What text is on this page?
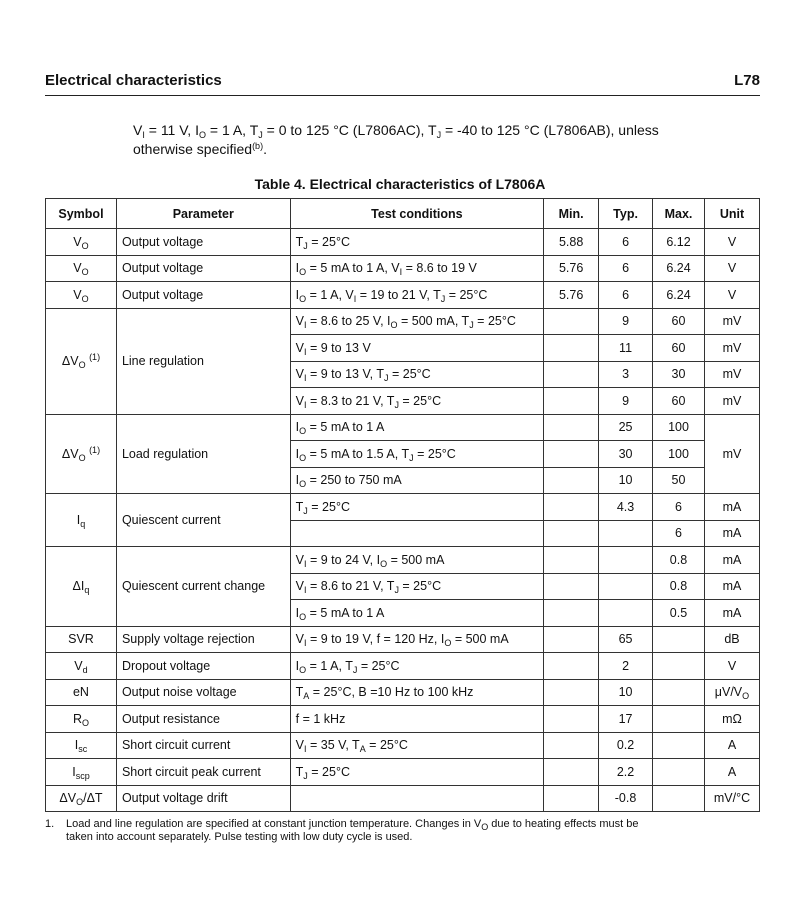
Electrical characteristics	L78
$V_I = 11$ V, $I_O = 1$ A, $T_J = 0$ to 125 °C (L7806AC), $T_J = -40$ to 125 °C (L7806AB), unless
otherwise specified$^{(b)}$.
Table 4. Electrical characteristics of L7806A
Symbol	Parameter	Test conditions	Min.	Typ.	Max.	Unit
$V_O$	Output voltage	$T_J = 25^\circ C$	5.88	6	6.12	V
$V_O$	Output voltage	$I_O = 5$ mA to 1 A, $V_I = 8.6$ to 19 V	5.76	6	6.24	V
$V_O$	Output voltage	$I_O = 1$ A, $V_I = 19$ to 21 V, $T_J = 25^\circ C$	5.76	6	6.24	V
$\Delta V_O$ $^{(1)}$	Line regulation	$V_I = 8.6$ to 25 V, $I_O = 500$ mA, $T_J = 25^\circ C$		9	60	mV
		$V_I = 9$ to 13 V		11	60	mV
		$V_I = 9$ to 13 V, $T_J = 25^\circ C$		3	30	mV
		$V_I = 8.3$ to 21 V, $T_J = 25^\circ C$		9	60	mV
$\Delta V_O$ $^{(1)}$	Load regulation	$I_O = 5$ mA to 1 A		25	100	mV
		$I_O = 5$ mA to 1.5 A, $T_J = 25^\circ C$		30	100	
		$I_O = 250$ to 750 mA		10	50	
$I_q$	Quiescent current	$T_J = 25^\circ C$		4.3	6	mA
					6	mA
$\Delta I_q$	Quiescent current change	$V_I = 9$ to 24 V, $I_O = 500$ mA			0.8	mA
		$V_I = 8.6$ to 21 V, $T_J = 25^\circ C$			0.8	mA
		$I_O = 5$ mA to 1 A			0.5	mA
SVR	Supply voltage rejection	$V_I = 9$ to 19 V, f = 120 Hz, $I_O = 500$ mA		65		dB
$V_d$	Dropout voltage	$I_O = 1$ A, $T_J = 25^\circ C$		2		V
eN	Output noise voltage	$T_A = 25^\circ C$, B =10 Hz to 100 kHz		10		$\mu V/V_O$
$R_O$	Output resistance	f = 1 kHz		17		mΩ
$I_{sc}$	Short circuit current	$V_I = 35$ V, $T_A = 25^\circ C$		0.2		A
$I_{scp}$	Short circuit peak current	$T_J = 25^\circ C$		2.2		A
$\Delta V_O/\Delta T$	Output voltage drift			-0.8		mV/°C
1. Load and line regulation are specified at constant junction temperature. Changes in $V_O$ due to heating effects must be
taken into account separately. Pulse testing with low duty cycle is used.
